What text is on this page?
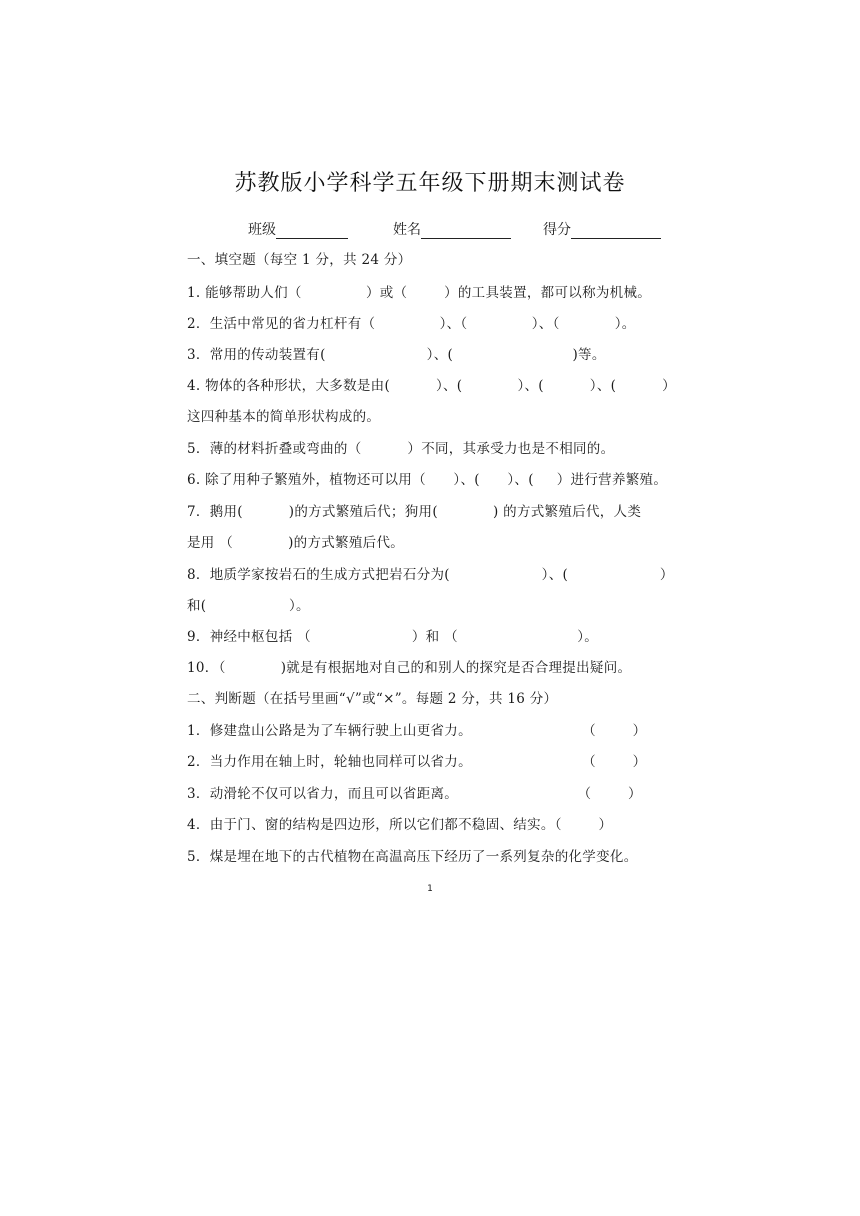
苏教版小学科学五年级下册期末测试卷
班级	姓名	得分
一、填空题（每空 1 分，共 24 分）
1. 能够帮助人们（              ）或（        ）的工具装置，都可以称为机械。
2．生活中常见的省力杠杆有（              ）、（              ）、（            ）。
3．常用的传动装置有(                      ）、(                          )等。
4. 物体的各种形状，大多数是由(          ）、(            ）、(          ）、(          ）
这四种基本的简单形状构成的。
5．薄的材料折叠或弯曲的（          ）不同，其承受力也是不相同的。
6. 除了用种子繁殖外，植物还可以用（      ）、(      ）、(     ）进行营养繁殖。
7．鹅用(          )的方式繁殖后代；狗用(            ) 的方式繁殖后代，人类
是用 （            )的方式繁殖后代。
8．地质学家按岩石的生成方式把岩石分为(                    ）、(                    ）
和(                  ）。
9．神经中枢包括 （                      ）和 （                          ）。
10．（            )就是有根据地对自己的和别人的探究是否合理提出疑问。
二、判断题（在括号里画“√”或“×”。每题 2 分，共 16 分）
1．修建盘山公路是为了车辆行驶上山更省力。                        （        ）
2．当力作用在轴上时，轮轴也同样可以省力。                        （        ）
3．动滑轮不仅可以省力，而且可以省距离。                          （        ）
4．由于门、窗的结构是四边形，所以它们都不稳固、结实。（        ）
5．煤是埋在地下的古代植物在高温高压下经历了一系列复杂的化学变化。
1
